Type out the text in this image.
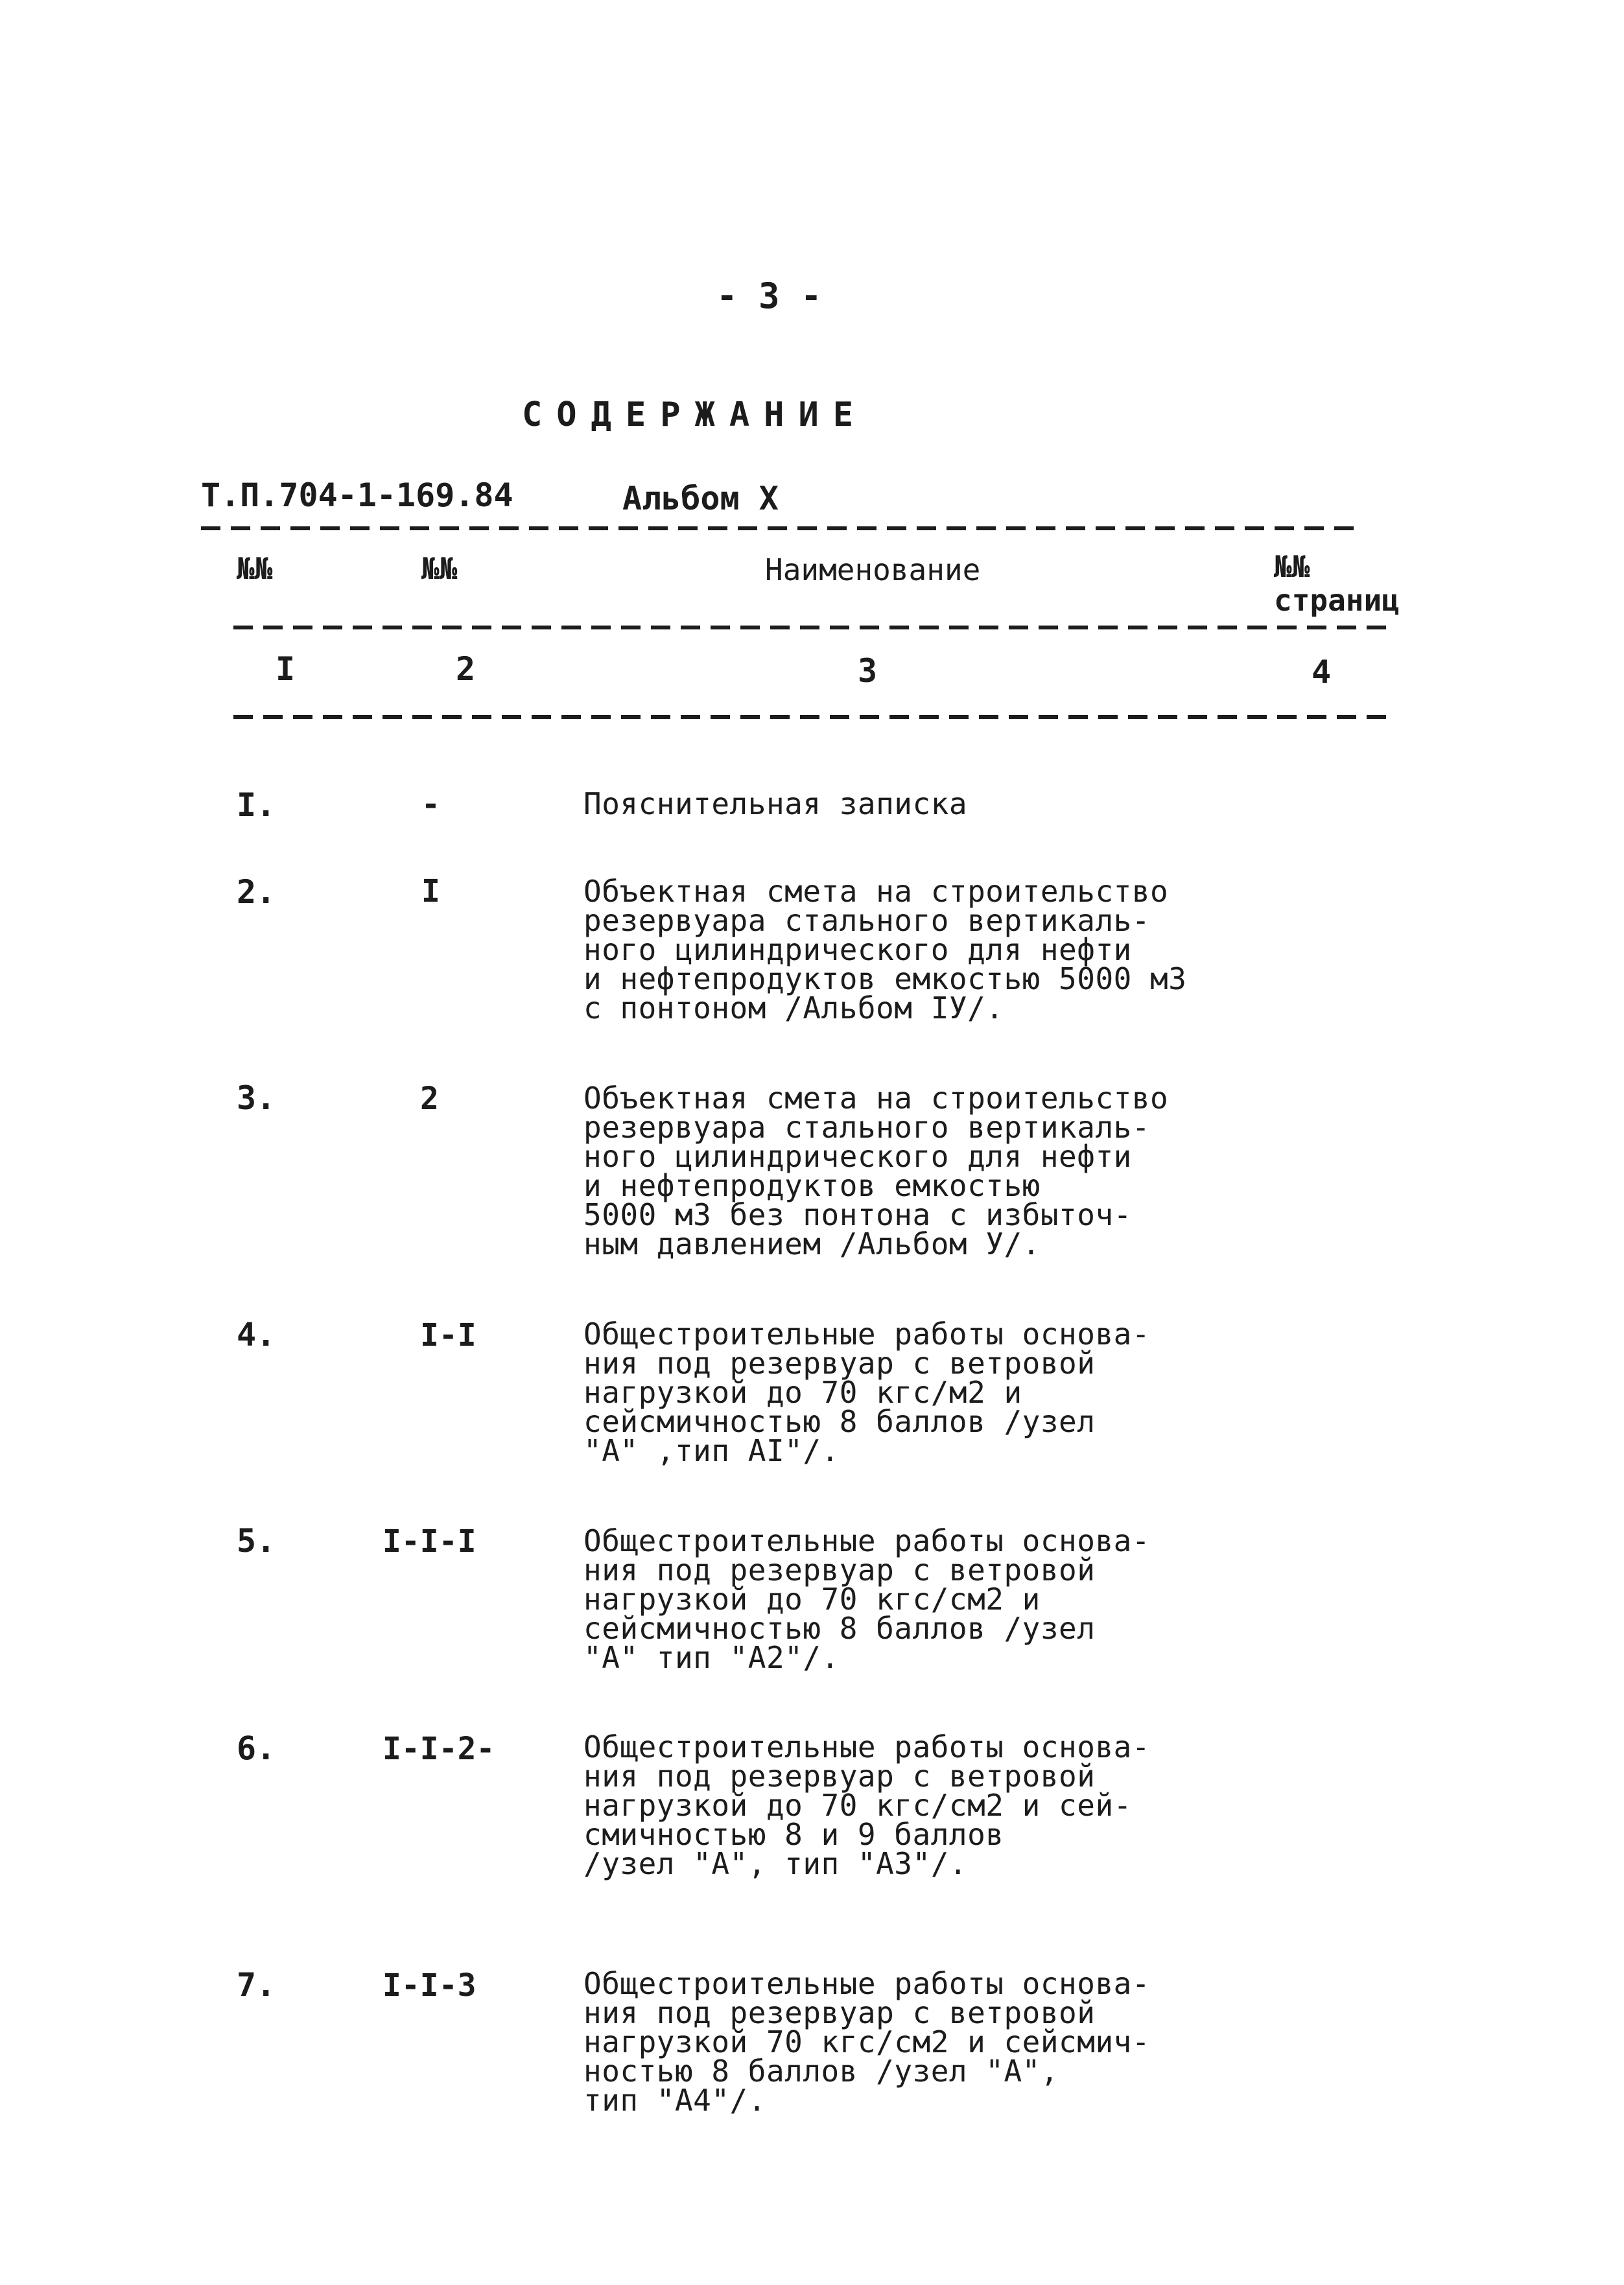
- 3 -
СОДЕРЖАНИЕ
Т.П.704-1-169.84	Альбом Х
№№	№№	Наименование	№№
страниц
I	2	3	4
I.	-	Пояснительная записка
2.	I	Объектная смета на строительство
резервуара стального вертикаль-
ного цилиндрического для нефти
и нефтепродуктов емкостью 5000 м3
с понтоном /Альбом IУ/.
3.	2	Объектная смета на строительство
резервуара стального вертикаль-
ного цилиндрического для нефти
и нефтепродуктов емкостью
5000 м3 без понтона с избыточ-
ным давлением /Альбом У/.
4.	I-I	Общестроительные работы основа-
ния под резервуар с ветровой
нагрузкой до 70 кгс/м2 и
сейсмичностью 8 баллов /узел
"А" ,тип АI"/.
5.	I-I-I	Общестроительные работы основа-
ния под резервуар с ветровой
нагрузкой до 70 кгс/см2 и
сейсмичностью 8 баллов /узел
"А" тип "А2"/.
6.	I-I-2-	Общестроительные работы основа-
ния под резервуар с ветровой
нагрузкой до 70 кгс/см2 и сей-
смичностью 8 и 9 баллов
/узел "А", тип "А3"/.
7.	I-I-3	Общестроительные работы основа-
ния под резервуар с ветровой
нагрузкой 70 кгс/см2 и сейсмич-
ностью 8 баллов /узел "А",
тип "А4"/.
